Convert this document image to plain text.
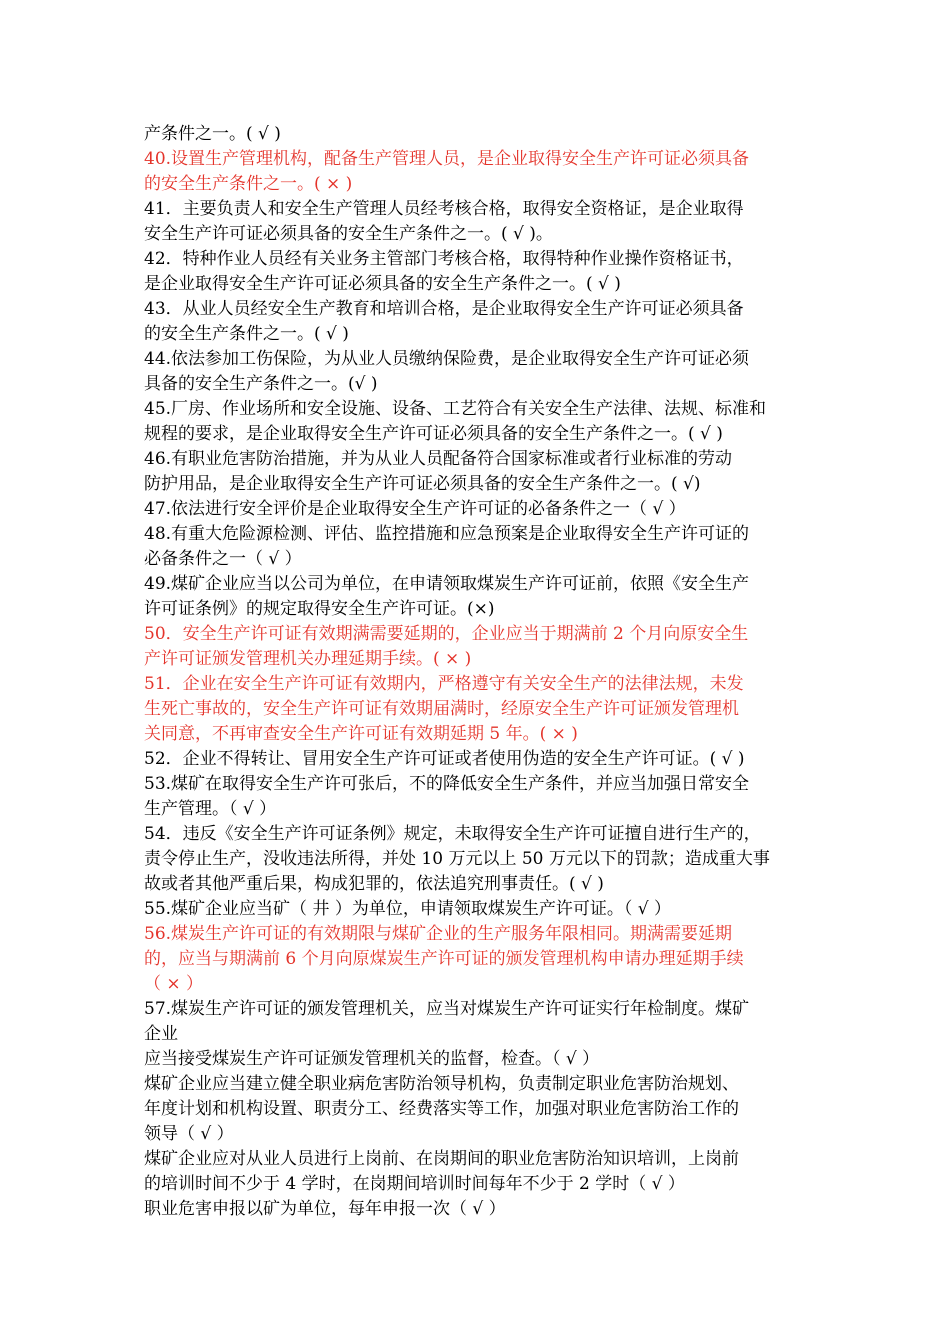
产条件之一。( √ )
40.设置生产管理机构，配备生产管理人员，是企业取得安全生产许可证必须具备
的安全生产条件之一。( × )
41．主要负责人和安全生产管理人员经考核合格，取得安全资格证，是企业取得
安全生产许可证必须具备的安全生产条件之一。( √ )。
42．特种作业人员经有关业务主管部门考核合格，取得特种作业操作资格证书，
是企业取得安全生产许可证必须具备的安全生产条件之一。( √ )
43．从业人员经安全生产教育和培训合格，是企业取得安全生产许可证必须具备
的安全生产条件之一。( √ )
44.依法参加工伤保险，为从业人员缴纳保险费，是企业取得安全生产许可证必须
具备的安全生产条件之一。(√ )
45.厂房、作业场所和安全设施、设备、工艺符合有关安全生产法律、法规、标准和
规程的要求，是企业取得安全生产许可证必须具备的安全生产条件之一。( √ )
46.有职业危害防治措施，并为从业人员配备符合国家标准或者行业标准的劳动
防护用品，是企业取得安全生产许可证必须具备的安全生产条件之一。( √)
47.依法进行安全评价是企业取得安全生产许可证的必备条件之一（ √ ）
48.有重大危险源检测、评估、监控措施和应急预案是企业取得安全生产许可证的
必备条件之一（ √ ）
49.煤矿企业应当以公司为单位，在申请领取煤炭生产许可证前，依照《安全生产
许可证条例》的规定取得安全生产许可证。(×)
50．安全生产许可证有效期满需要延期的，企业应当于期满前 2 个月向原安全生
产许可证颁发管理机关办理延期手续。( × )
51．企业在安全生产许可证有效期内，严格遵守有关安全生产的法律法规，未发
生死亡事故的，安全生产许可证有效期届满时，经原安全生产许可证颁发管理机
关同意，不再审查安全生产许可证有效期延期 5 年。( × )
52．企业不得转让、冒用安全生产许可证或者使用伪造的安全生产许可证。( √ )
53.煤矿在取得安全生产许可张后，不的降低安全生产条件，并应当加强日常安全
生产管理。（ √ ）
54．违反《安全生产许可证条例》规定，未取得安全生产许可证擅自进行生产的，
责令停止生产，没收违法所得，并处 10 万元以上 50 万元以下的罚款；造成重大事
故或者其他严重后果，构成犯罪的，依法追究刑事责任。( √ )
55.煤矿企业应当矿（ 井 ）为单位，申请领取煤炭生产许可证。（ √ ）
56.煤炭生产许可证的有效期限与煤矿企业的生产服务年限相同。期满需要延期
的，应当与期满前 6 个月向原煤炭生产许可证的颁发管理机构申请办理延期手续
（ × ）
57.煤炭生产许可证的颁发管理机关，应当对煤炭生产许可证实行年检制度。煤矿
企业
应当接受煤炭生产许可证颁发管理机关的监督，检查。（ √ ）
煤矿企业应当建立健全职业病危害防治领导机构，负责制定职业危害防治规划、
年度计划和机构设置、职责分工、经费落实等工作，加强对职业危害防治工作的
领导（ √ ）
煤矿企业应对从业人员进行上岗前、在岗期间的职业危害防治知识培训，上岗前
的培训时间不少于 4 学时，在岗期间培训时间每年不少于 2 学时（ √ ）
职业危害申报以矿为单位，每年申报一次（ √ ）
